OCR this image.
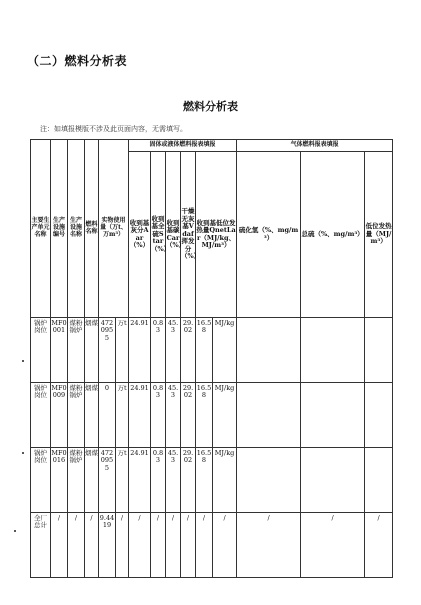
（二）燃料分析表
燃料分析表
注：如填报模版不涉及此页面内容，无需填写。
主要生产单元名称	生产设施编号	生产设施名称	燃料名称	实物使用量（万t、万m³）		固体或液体燃料报表填报						气体燃料报表填报		

						收到基灰分Aar（%）	收到基全硫Star（%）	收到基碳Car（%）	干燥无灰基Vdaf挥发分（%）	收到基低位发热量QnetLar（MJ/kg、MJ/m³）		硫化氢（%、mg/m³）	总硫（%、mg/m³）	低位发热量（MJ/m³）

锅炉岗位	MF0001	煤粉锅炉	烟煤	4720955	万t	24.91	0.83	45.3	29.02	16.58	MJ/kg			

锅炉岗位	MF0009	煤粉锅炉	烟煤	0	万t	24.91	0.83	45.3	29.02	16.58	MJ/kg			

锅炉岗位	MF0016	煤粉锅炉	烟煤	4720955	万t	24.91	0.83	45.3	29.02	16.58	MJ/kg			

全厂总计	/	/	/	9.4419	/	/	/	/	/	/	/	/	/	/
